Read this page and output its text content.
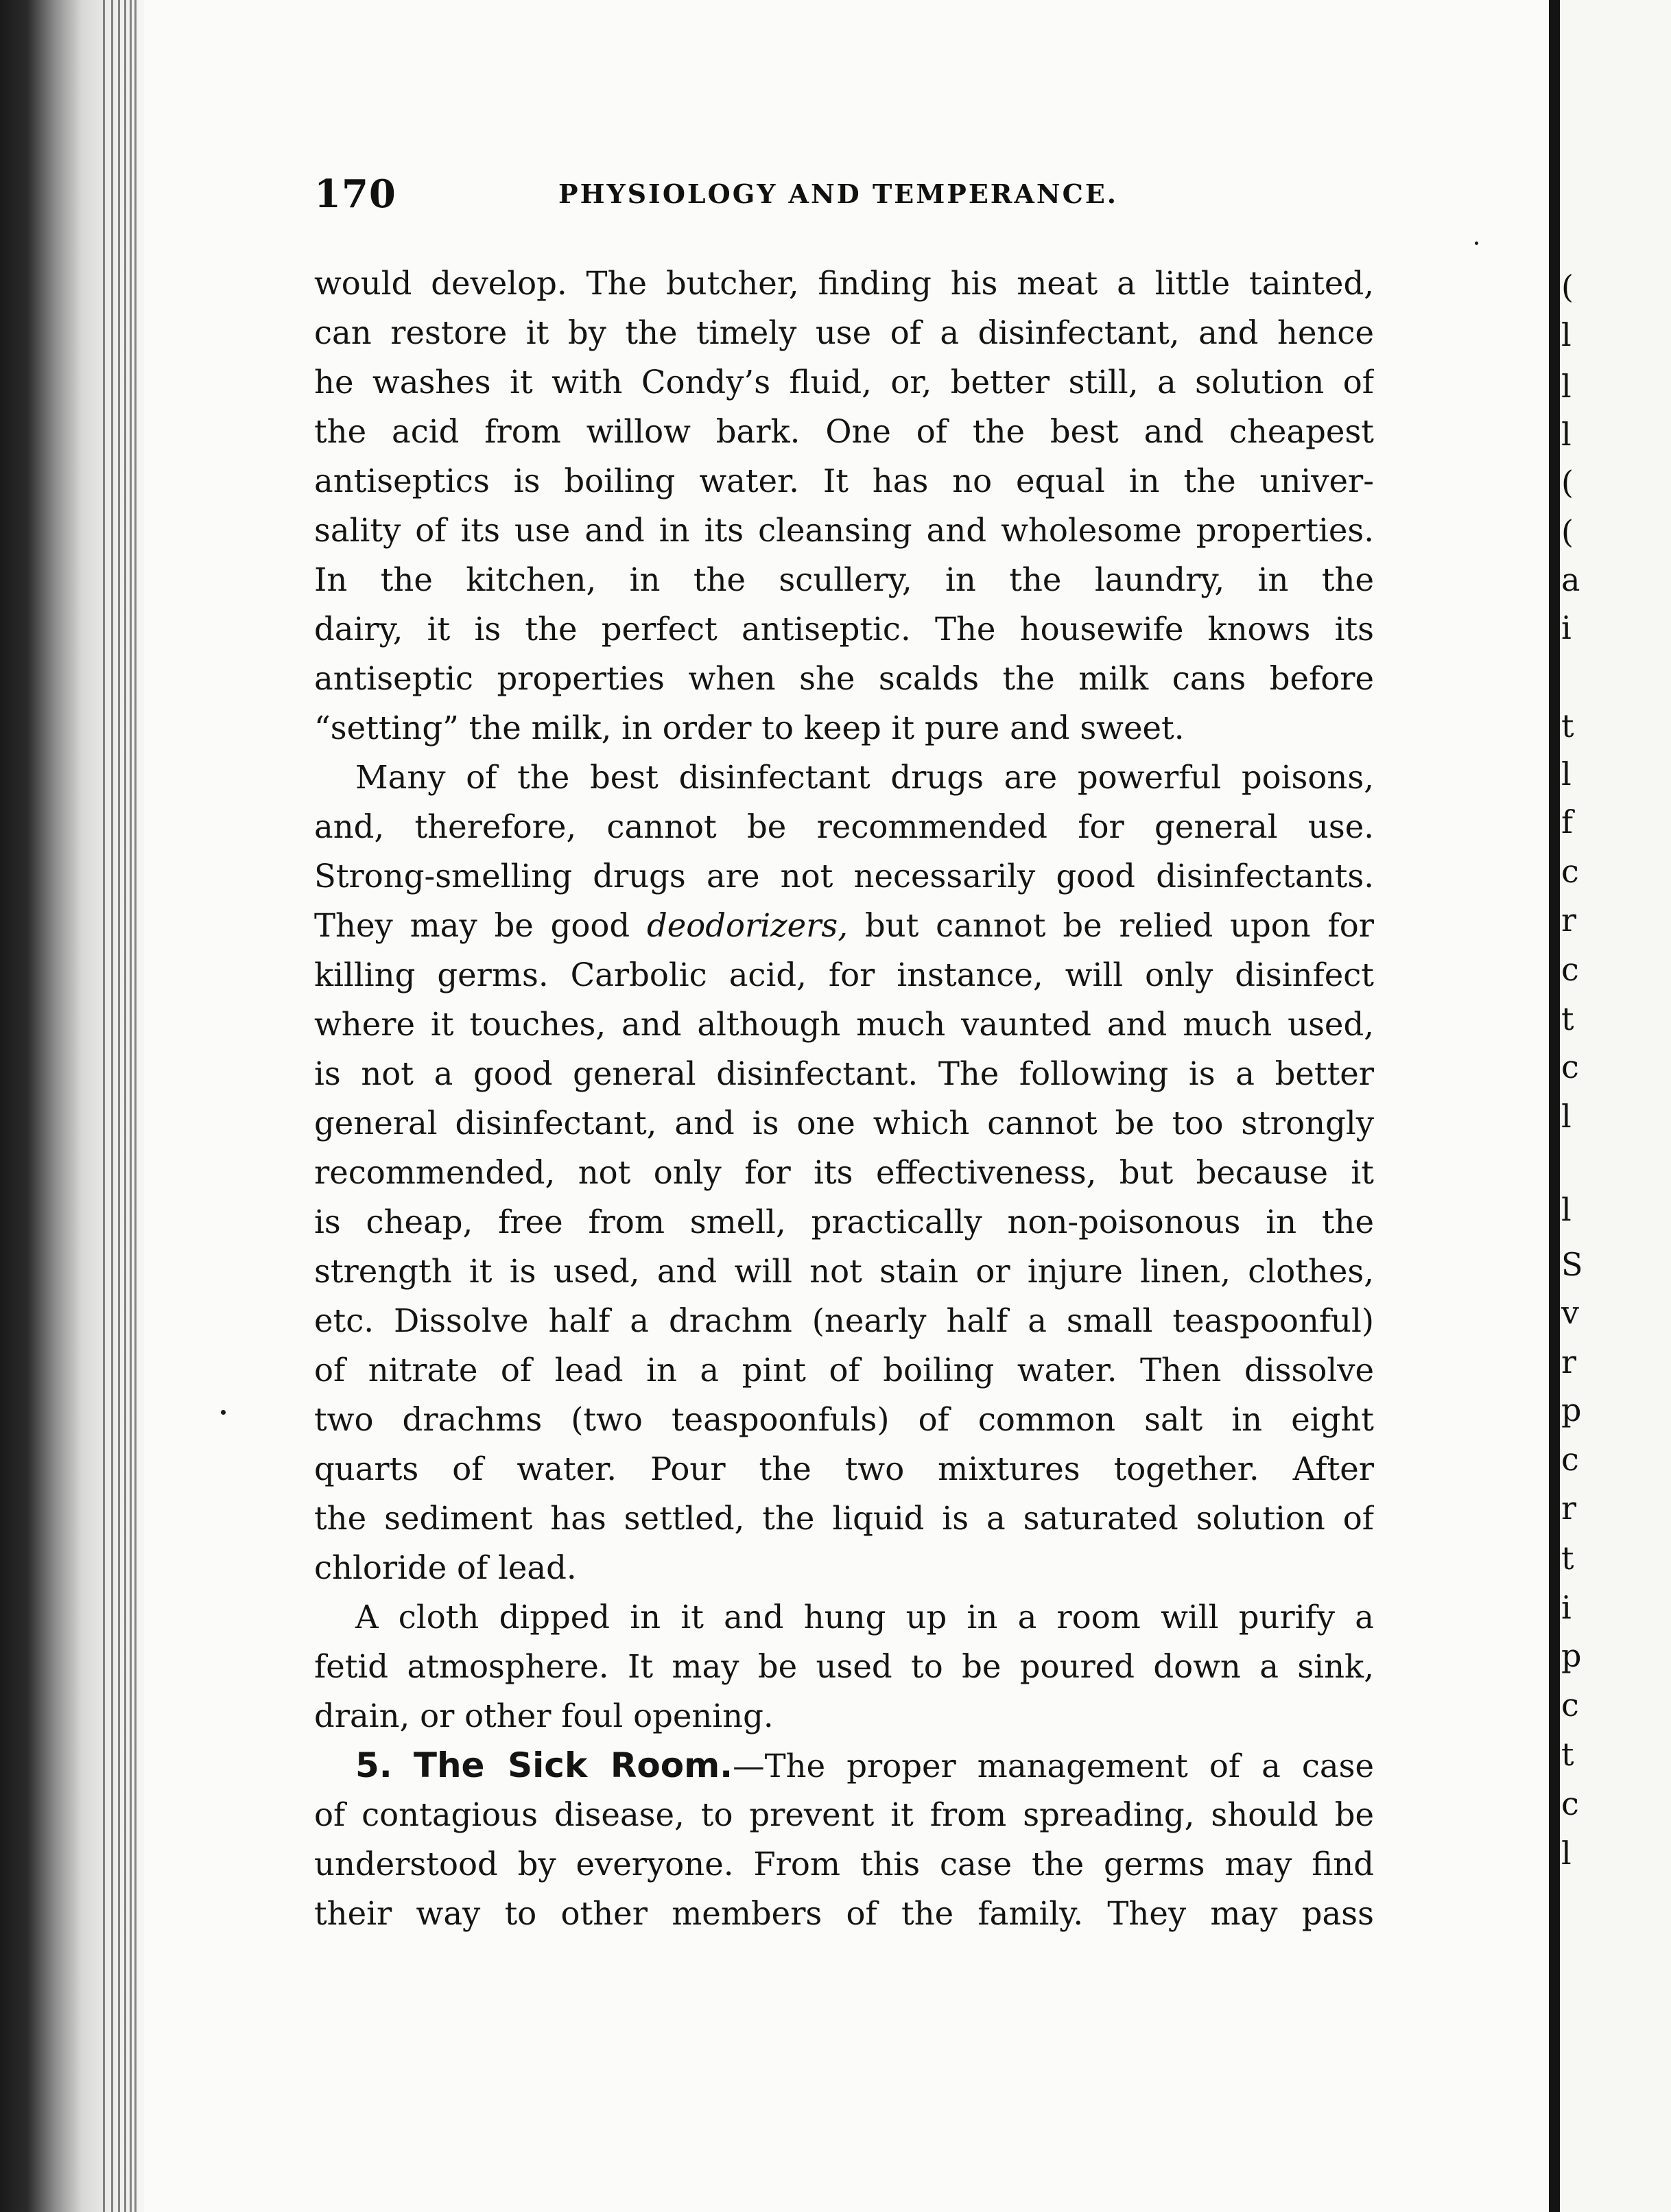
(
l
l
l
(
(
a
i
t
l
f
c
r
c
t
c
l
l
S
v
r
p
c
r
t
i
p
c
t
c
l
170	PHYSIOLOGY AND TEMPERANCE.
would develop. The butcher, finding his meat a little tainted,
can restore it by the timely use of a disinfectant, and hence
he washes it with Condy’s fluid, or, better still, a solution of
the acid from willow bark. One of the best and cheapest
antiseptics is boiling water. It has no equal in the univer-
sality of its use and in its cleansing and wholesome properties.
In the kitchen, in the scullery, in the laundry, in the
dairy, it is the perfect antiseptic. The housewife knows its
antiseptic properties when she scalds the milk cans before
“setting” the milk, in order to keep it pure and sweet.
Many of the best disinfectant drugs are powerful poisons,
and, therefore, cannot be recommended for general use.
Strong-smelling drugs are not necessarily good disinfectants.
They may be good deodorizers, but cannot be relied upon for
killing germs. Carbolic acid, for instance, will only disinfect
where it touches, and although much vaunted and much used,
is not a good general disinfectant. The following is a better
general disinfectant, and is one which cannot be too strongly
recommended, not only for its effectiveness, but because it
is cheap, free from smell, practically non-poisonous in the
strength it is used, and will not stain or injure linen, clothes,
etc. Dissolve half a drachm (nearly half a small teaspoonful)
of nitrate of lead in a pint of boiling water. Then dissolve
two drachms (two teaspoonfuls) of common salt in eight
quarts of water. Pour the two mixtures together. After
the sediment has settled, the liquid is a saturated solution of
chloride of lead.
A cloth dipped in it and hung up in a room will purify a
fetid atmosphere. It may be used to be poured down a sink,
drain, or other foul opening.
5. The Sick Room.—The proper management of a case
of contagious disease, to prevent it from spreading, should be
understood by everyone. From this case the germs may find
their way to other members of the family. They may pass
